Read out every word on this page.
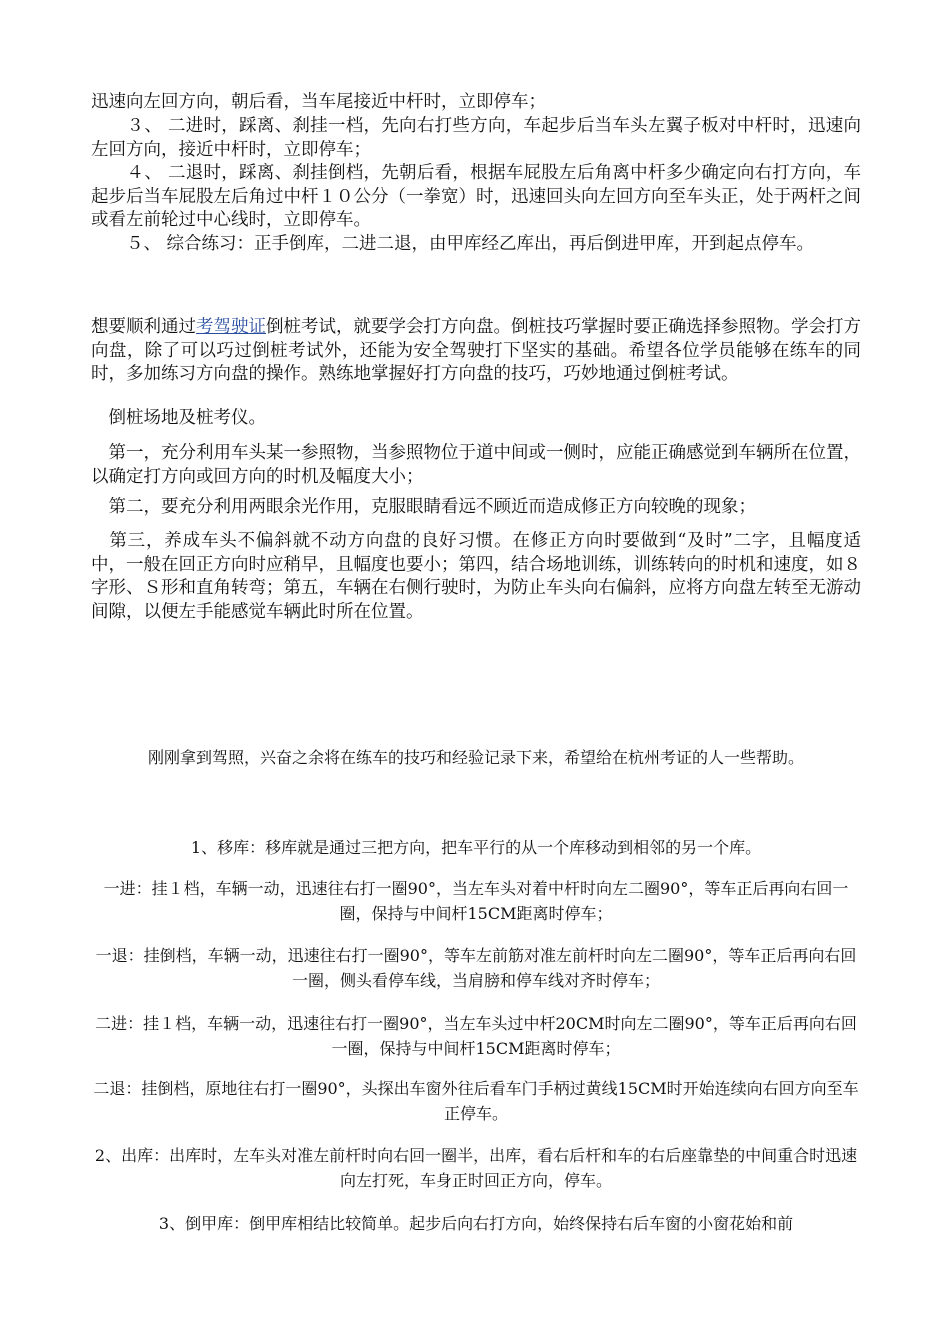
迅速向左回方向，朝后看，当车尾接近中杆时，立即停车；

　　３、 二进时，踩离、刹挂一档，先向右打些方向，车起步后当车头左翼子板对中杆时，迅速向左回方向，接近中杆时，立即停车；

　　４、 二退时，踩离、刹挂倒档，先朝后看，根据车屁股左后角离中杆多少确定向右打方向，车起步后当车屁股左后角过中杆１０公分（一拳宽）时，迅速回头向左回方向至车头正，处于两杆之间或看左前轮过中心线时，立即停车。

　　５、 综合练习：正手倒库，二进二退，由甲库经乙库出，再后倒进甲库，开到起点停车。

想要顺利通过考驾驶证倒桩考试，就要学会打方向盘。倒桩技巧掌握时要正确选择参照物。学会打方向盘，除了可以巧过倒桩考试外，还能为安全驾驶打下坚实的基础。希望各位学员能够在练车的同时，多加练习方向盘的操作。熟练地掌握好打方向盘的技巧，巧妙地通过倒桩考试。

　倒桩场地及桩考仪。

　第一，充分利用车头某一参照物，当参照物位于道中间或一侧时，应能正确感觉到车辆所在位置，以确定打方向或回方向的时机及幅度大小；

　第二，要充分利用两眼余光作用，克服眼睛看远不顾近而造成修正方向较晚的现象；

　第三，养成车头不偏斜就不动方向盘的良好习惯。在修正方向时要做到“及时”二字，且幅度适中，一般在回正方向时应稍早，且幅度也要小；第四，结合场地训练，训练转向的时机和速度，如８字形、Ｓ形和直角转弯；第五，车辆在右侧行驶时，为防止车头向右偏斜，应将方向盘左转至无游动间隙，以便左手能感觉车辆此时所在位置。

刚刚拿到驾照，兴奋之余将在练车的技巧和经验记录下来，希望给在杭州考证的人一些帮助。

1、移库：移库就是通过三把方向，把车平行的从一个库移动到相邻的另一个库。

一进：挂１档，车辆一动，迅速往右打一圈90°，当左车头对着中杆时向左二圈90°，等车正后再向右回一圈，保持与中间杆15CM距离时停车；

一退：挂倒档，车辆一动，迅速往右打一圈90°，等车左前筋对准左前杆时向左二圈90°，等车正后再向右回一圈，侧头看停车线，当肩膀和停车线对齐时停车；

二进：挂１档，车辆一动，迅速往右打一圈90°，当左车头过中杆20CM时向左二圈90°，等车正后再向右回一圈，保持与中间杆15CM距离时停车；

二退：挂倒档，原地往右打一圈90°，头探出车窗外往后看车门手柄过黄线15CM时开始连续向右回方向至车正停车。

2、出库：出库时，左车头对准左前杆时向右回一圈半，出库，看右后杆和车的右后座靠垫的中间重合时迅速向左打死，车身正时回正方向，停车。

3、倒甲库：倒甲库相结比较简单。起步后向右打方向，始终保持右后车窗的小窗花始和前
